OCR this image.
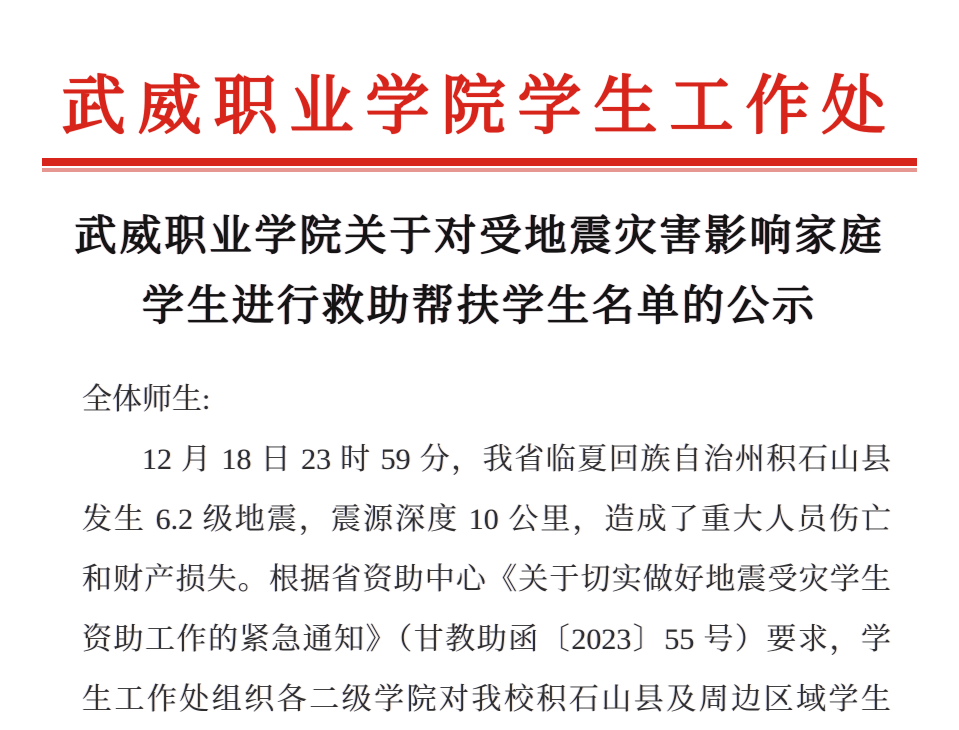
武威职业学院学生工作处
武威职业学院关于对受地震灾害影响家庭
学生进行救助帮扶学生名单的公示
全体师生:
12 月 18 日 23 时 59 分，我省临夏回族自治州积石山县
发生 6.2 级地震，震源深度 10 公里，造成了重大人员伤亡
和财产损失。根据省资助中心《关于切实做好地震受灾学生
资助工作的紧急通知》（甘教助函〔2023〕55 号）要求，学
生工作处组织各二级学院对我校积石山县及周边区域学生
